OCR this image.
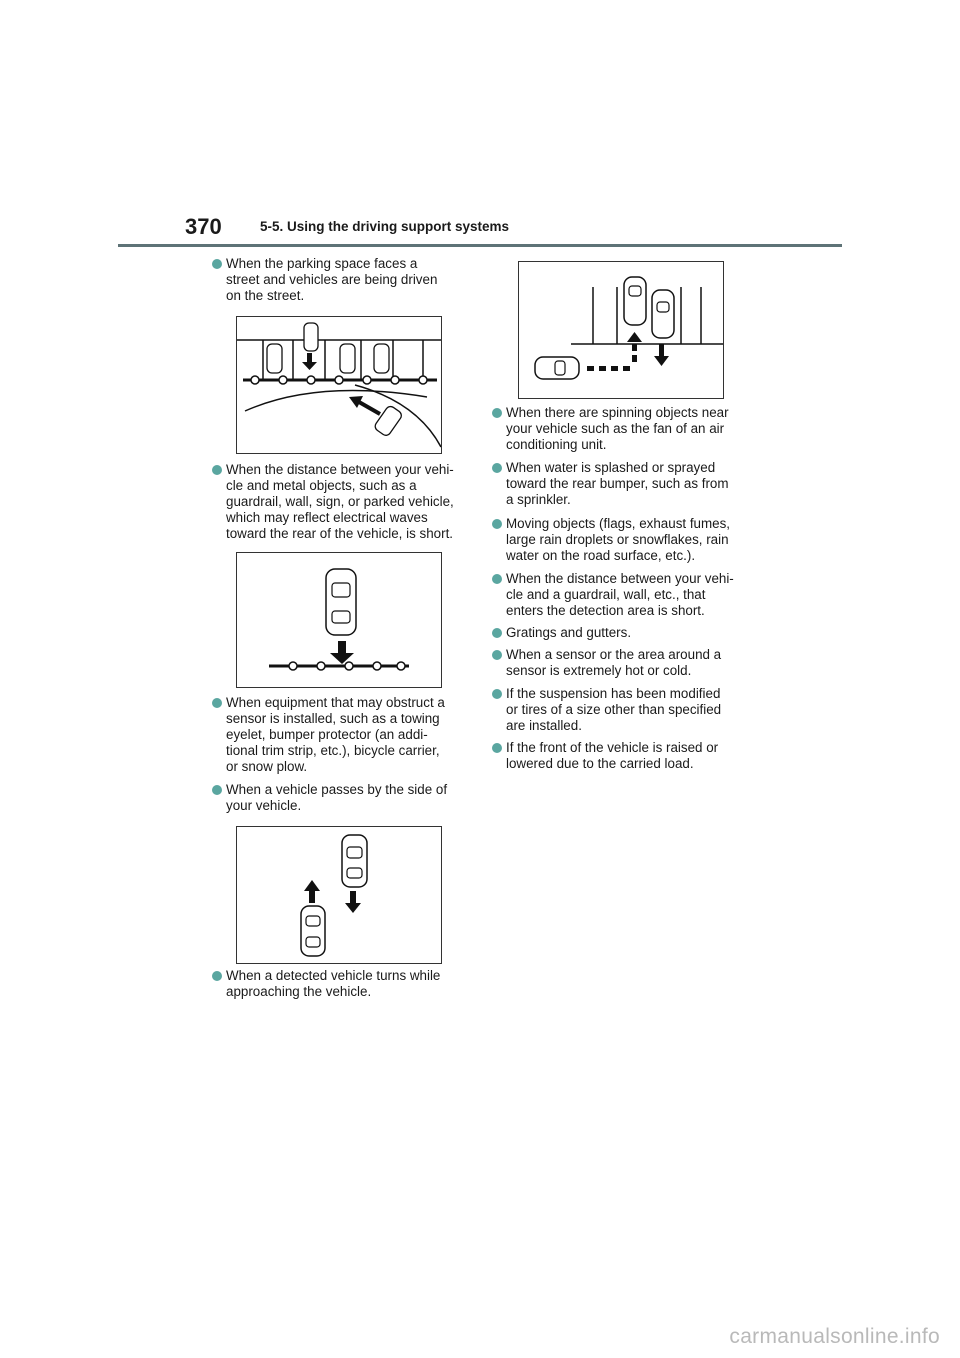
370	5-5. Using the driving support systems
When the parking space faces a
street and vehicles are being driven
on the street.
When the distance between your vehi-
cle and metal objects, such as a
guardrail, wall, sign, or parked vehicle,
which may reflect electrical waves
toward the rear of the vehicle, is short.
When equipment that may obstruct a
sensor is installed, such as a towing
eyelet, bumper protector (an addi-
tional trim strip, etc.), bicycle carrier,
or snow plow.
When a vehicle passes by the side of
your vehicle.
When a detected vehicle turns while
approaching the vehicle.
When there are spinning objects near
your vehicle such as the fan of an air
conditioning unit.
When water is splashed or sprayed
toward the rear bumper, such as from
a sprinkler.
Moving objects (flags, exhaust fumes,
large rain droplets or snowflakes, rain
water on the road surface, etc.).
When the distance between your vehi-
cle and a guardrail, wall, etc., that
enters the detection area is short.
Gratings and gutters.
When a sensor or the area around a
sensor is extremely hot or cold.
If the suspension has been modified
or tires of a size other than specified
are installed.
If the front of the vehicle is raised or
lowered due to the carried load.
carmanualsonline.info
